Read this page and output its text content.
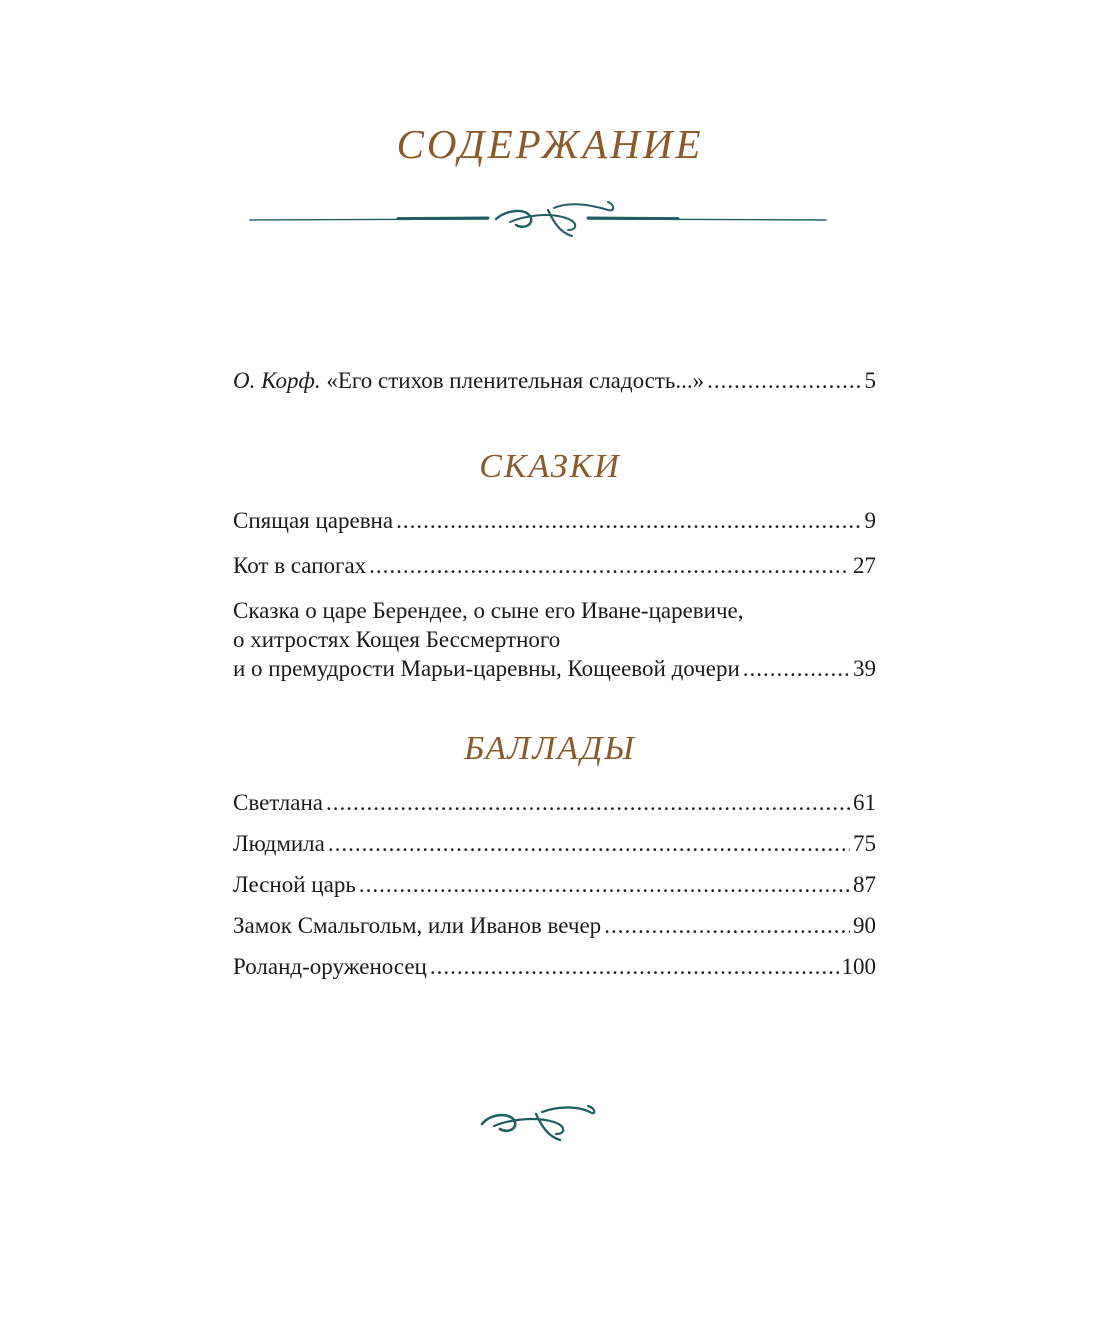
СОДЕРЖАНИЕ
О. Корф. «Его стихов пленительная сладость...» .....	5
СКАЗКИ
Спящая царевна .....	9
Кот в сапогах .....	27
Сказка о царе Берендее, о сыне его Иване-царевиче,
о хитростях Кощея Бессмертного
и о премудрости Марьи-царевны, Кощеевой дочери .....	39
БАЛЛАДЫ
Светлана .....	61
Людмила .....	75
Лесной царь .....	87
Замок Смальгольм, или Иванов вечер .....	90
Роланд-оруженосец .....	100
